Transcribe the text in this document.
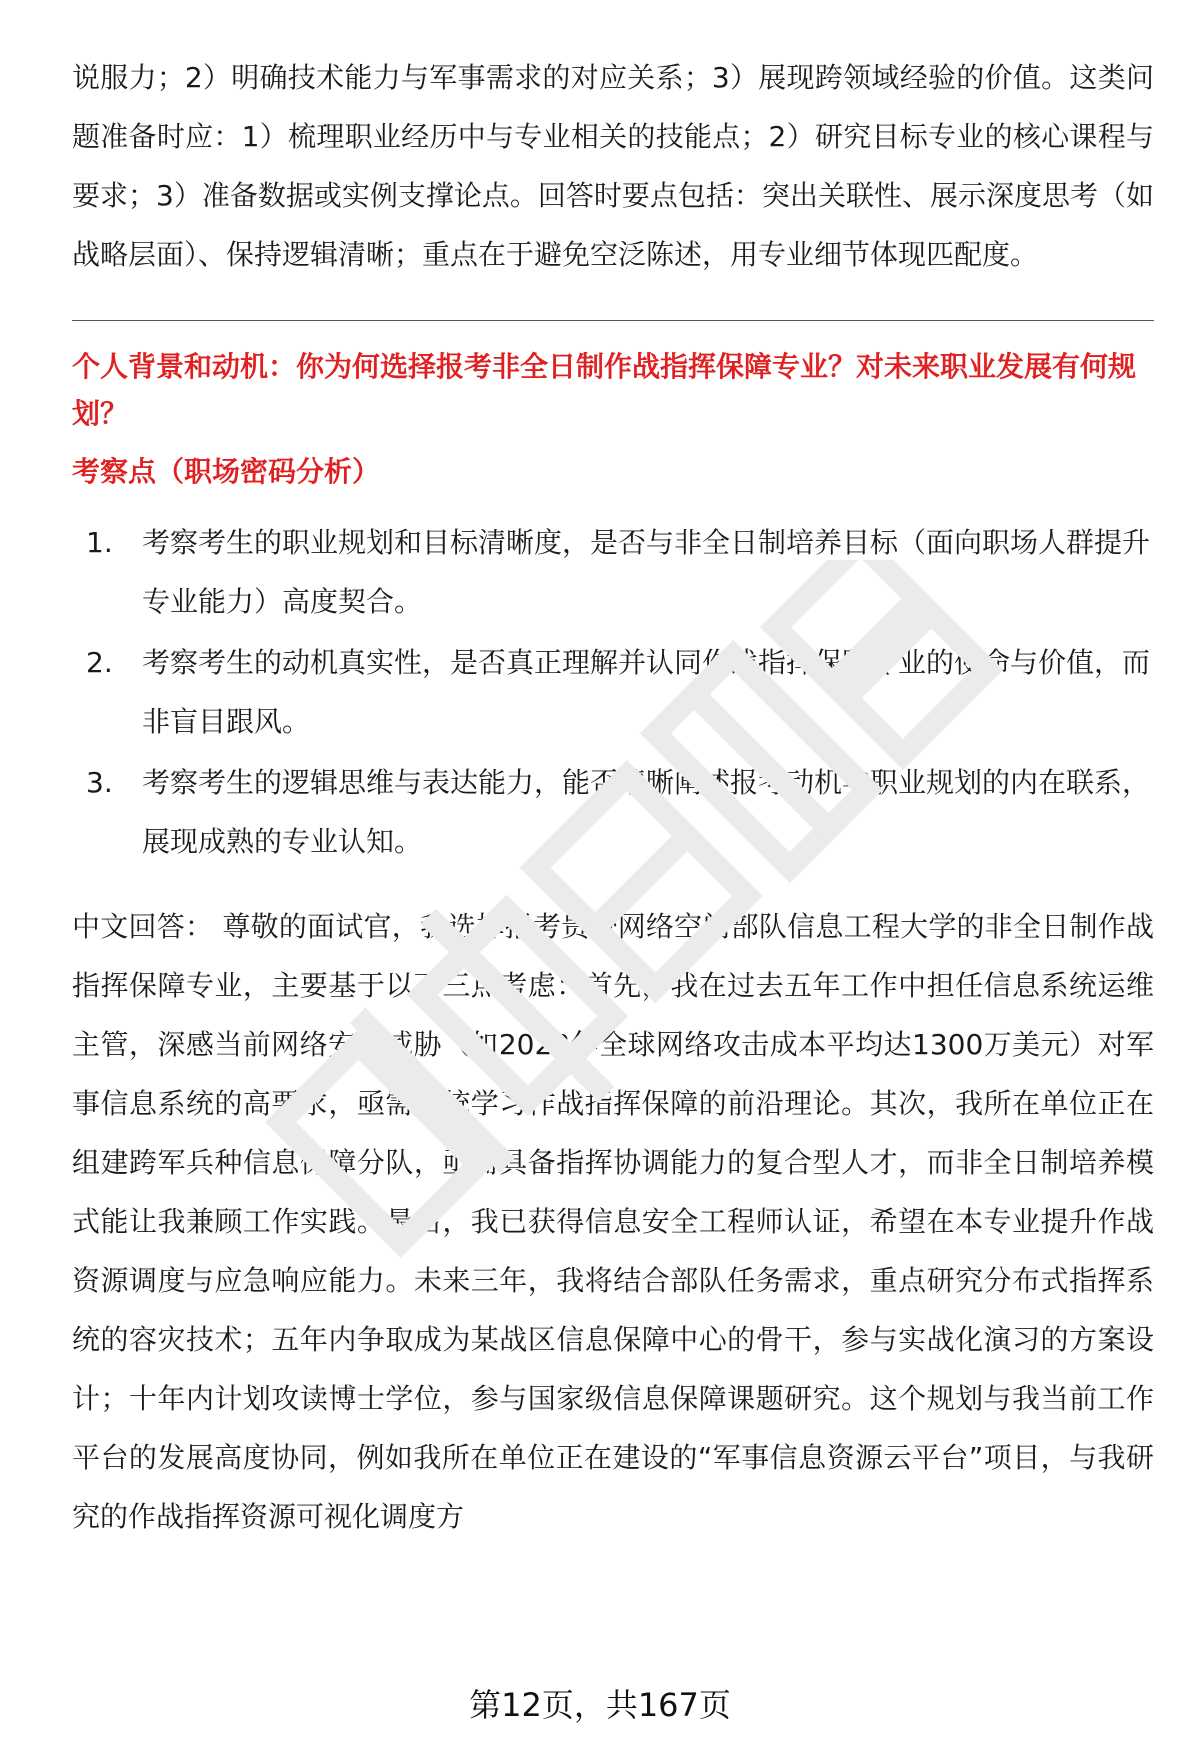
说服力；2）明确技术能力与军事需求的对应关系；3）展现跨领域经验的价值。这类问题准备时应：1）梳理职业经历中与专业相关的技能点；2）研究目标专业的核心课程与要求；3）准备数据或实例支撑论点。回答时要点包括：突出关联性、展示深度思考（如战略层面）、保持逻辑清晰；重点在于避免空泛陈述，用专业细节体现匹配度。

个人背景和动机：你为何选择报考非全日制作战指挥保障专业？对未来职业发展有何规划？

考察点（职场密码分析）

1.	考察考生的职业规划和目标清晰度，是否与非全日制培养目标（面向职场人群提升专业能力）高度契合。
2.	考察考生的动机真实性，是否真正理解并认同作战指挥保障专业的使命与价值，而非盲目跟风。
3.	考察考生的逻辑思维与表达能力，能否清晰阐述报考动机与职业规划的内在联系，展现成熟的专业认知。

中文回答： 尊敬的面试官，我选择报考贵校网络空间部队信息工程大学的非全日制作战指挥保障专业，主要基于以下三点考虑：首先，我在过去五年工作中担任信息系统运维主管，深感当前网络安全威胁（如2023年全球网络攻击成本平均达1300万美元）对军事信息系统的高要求，亟需系统学习作战指挥保障的前沿理论。其次，我所在单位正在组建跨军兵种信息保障分队，亟需具备指挥协调能力的复合型人才，而非全日制培养模式能让我兼顾工作实践。最后，我已获得信息安全工程师认证，希望在本专业提升作战资源调度与应急响应能力。未来三年，我将结合部队任务需求，重点研究分布式指挥系统的容灾技术；五年内争取成为某战区信息保障中心的骨干，参与实战化演习的方案设计；十年内计划攻读博士学位，参与国家级信息保障课题研究。这个规划与我当前工作平台的发展高度协同，例如我所在单位正在建设的“军事信息资源云平台”项目，与我研究的作战指挥资源可视化调度方

第12页，共167页
